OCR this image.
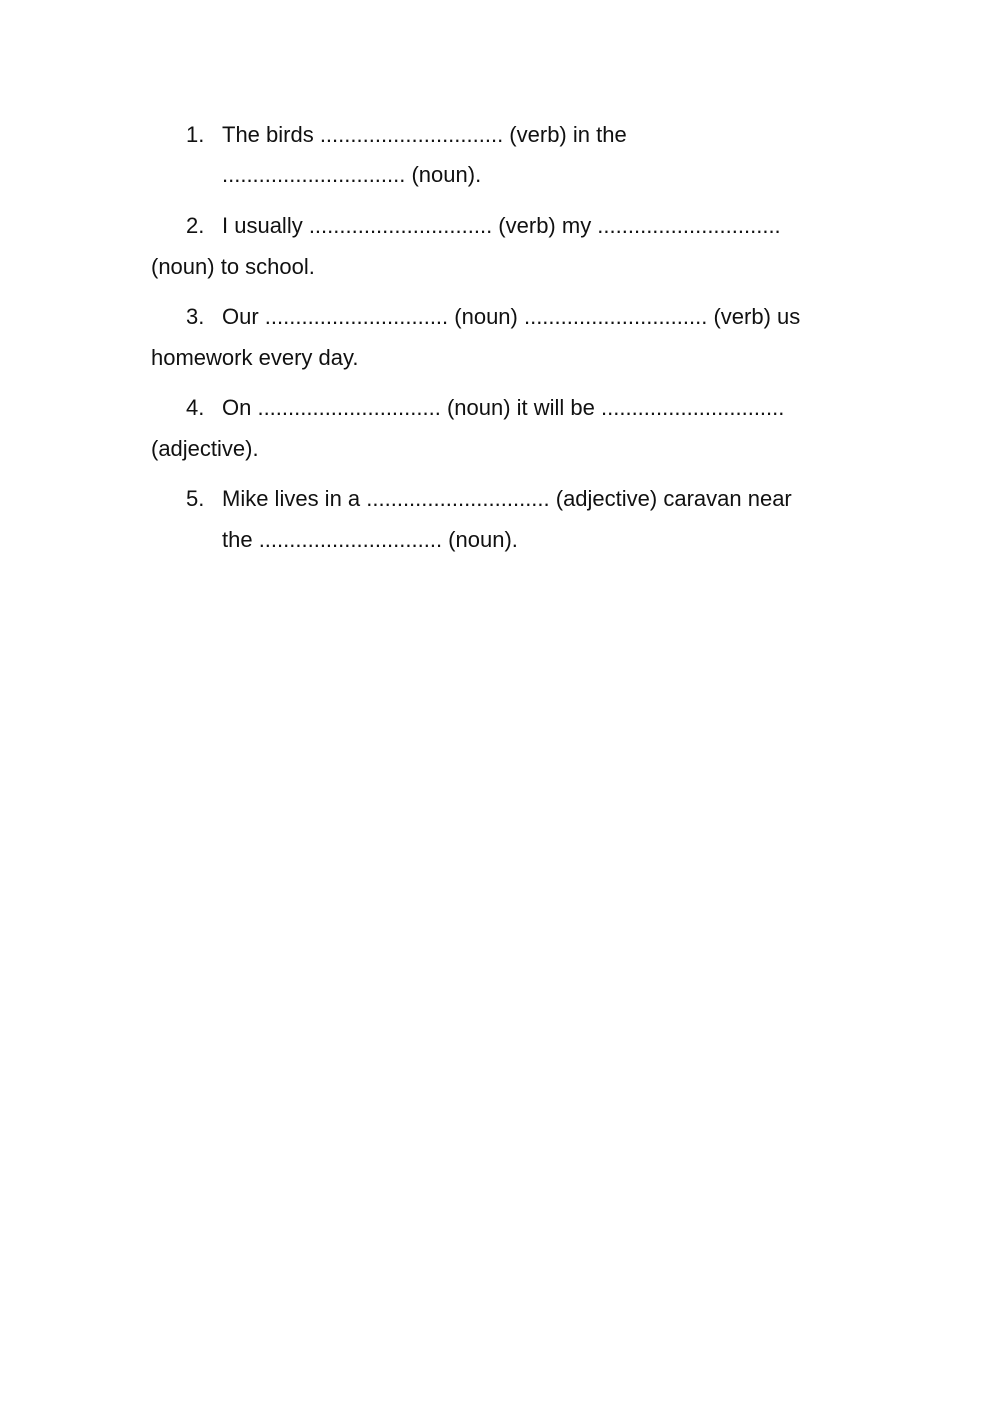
1. The birds .............................. (verb) in the
.............................. (noun).
2. I usually .............................. (verb) my ..............................
(noun) to school.
3. Our .............................. (noun) .............................. (verb) us
homework every day.
4. On .............................. (noun) it will be ..............................
(adjective).
5. Mike lives in a .............................. (adjective) caravan near
the .............................. (noun).
